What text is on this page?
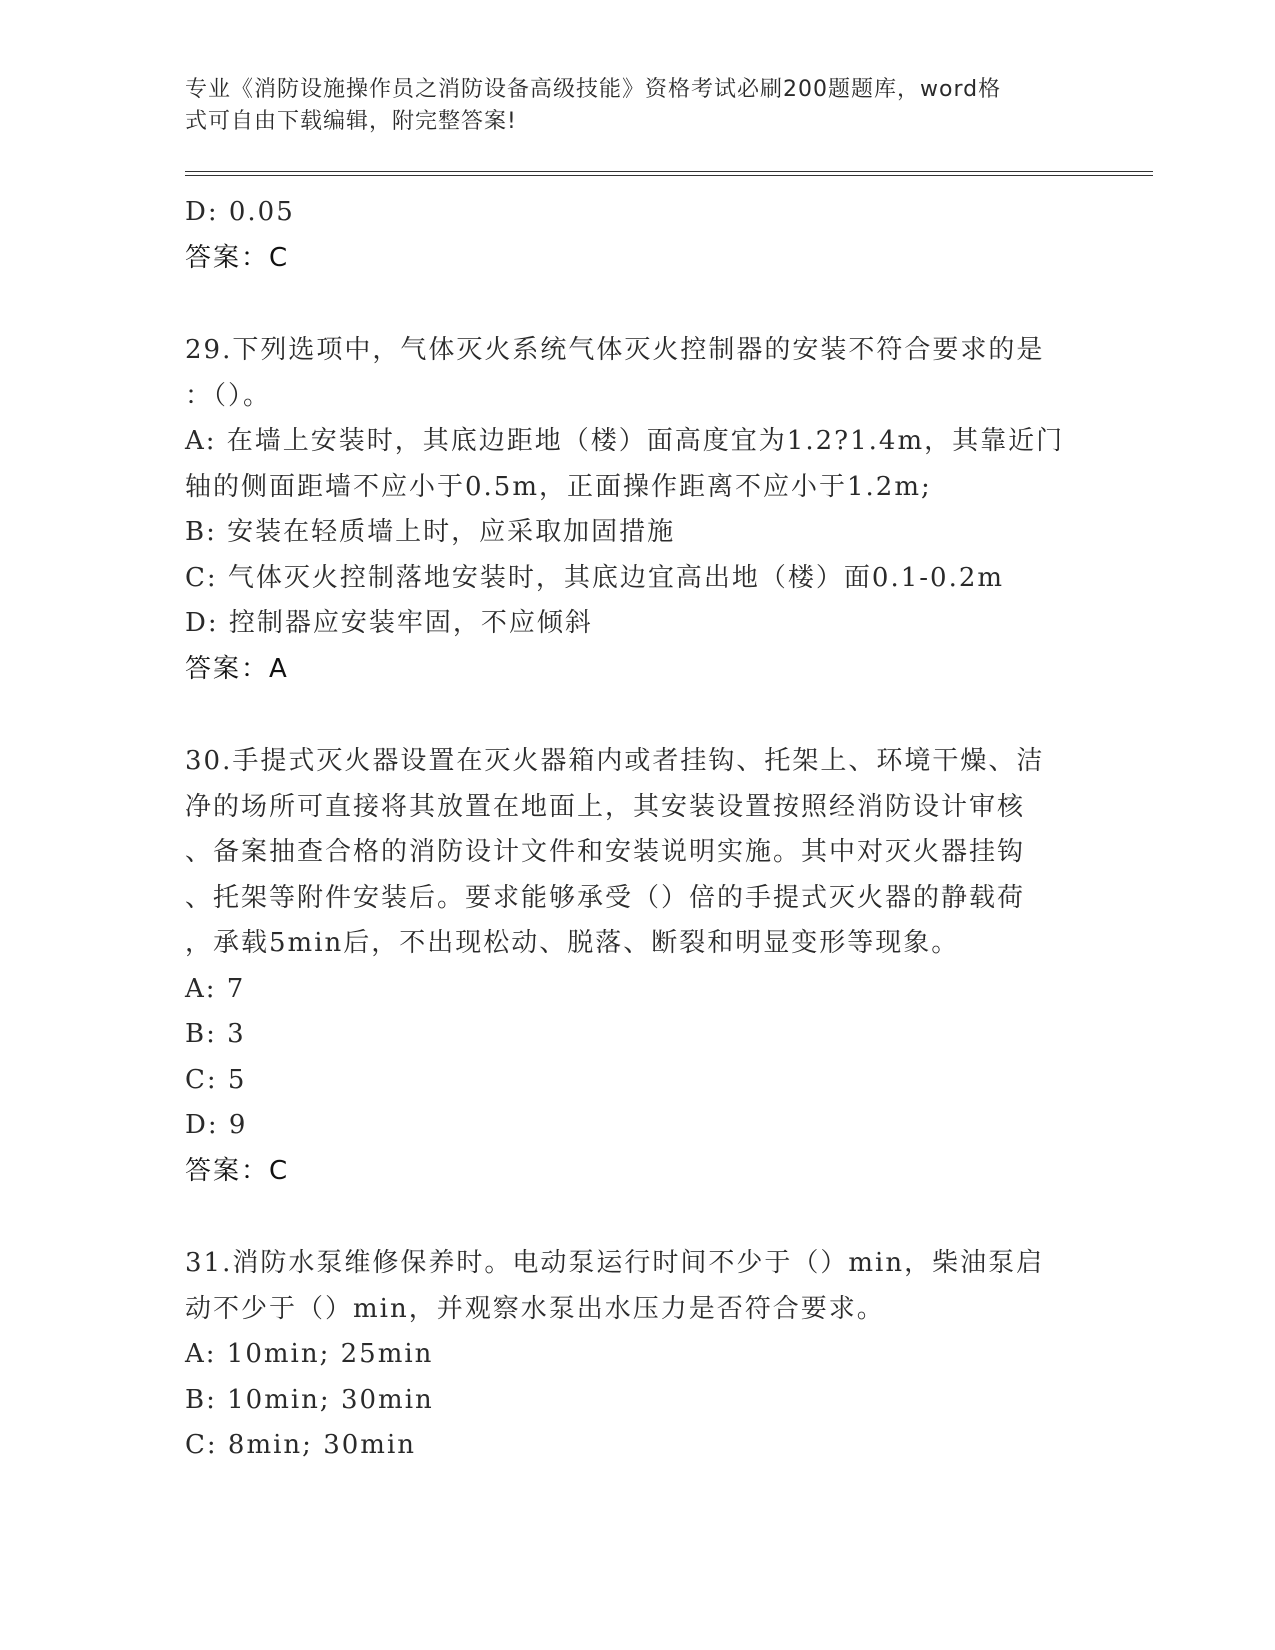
专业《消防设施操作员之消防设备高级技能》资格考试必刷200题题库，word格
式可自由下载编辑，附完整答案!
D: 0.05
答案：C
29.下列选项中，气体灭火系统气体灭火控制器的安装不符合要求的是
：（）。
A: 在墙上安装时，其底边距地（楼）面高度宜为1.2?1.4m，其靠近门
轴的侧面距墙不应小于0.5m，正面操作距离不应小于1.2m;
B: 安装在轻质墙上时，应采取加固措施
C: 气体灭火控制落地安装时，其底边宜高出地（楼）面0.1-0.2m
D: 控制器应安装牢固，不应倾斜
答案：A
30.手提式灭火器设置在灭火器箱内或者挂钩、托架上、环境干燥、洁
净的场所可直接将其放置在地面上，其安装设置按照经消防设计审核
、备案抽查合格的消防设计文件和安装说明实施。其中对灭火器挂钩
、托架等附件安装后。要求能够承受（）倍的手提式灭火器的静载荷
，承载5min后，不出现松动、脱落、断裂和明显变形等现象。
A: 7
B: 3
C: 5
D: 9
答案：C
31.消防水泵维修保养时。电动泵运行时间不少于（）min，柴油泵启
动不少于（）min，并观察水泵出水压力是否符合要求。
A: 10min; 25min
B: 10min; 30min
C: 8min; 30min
